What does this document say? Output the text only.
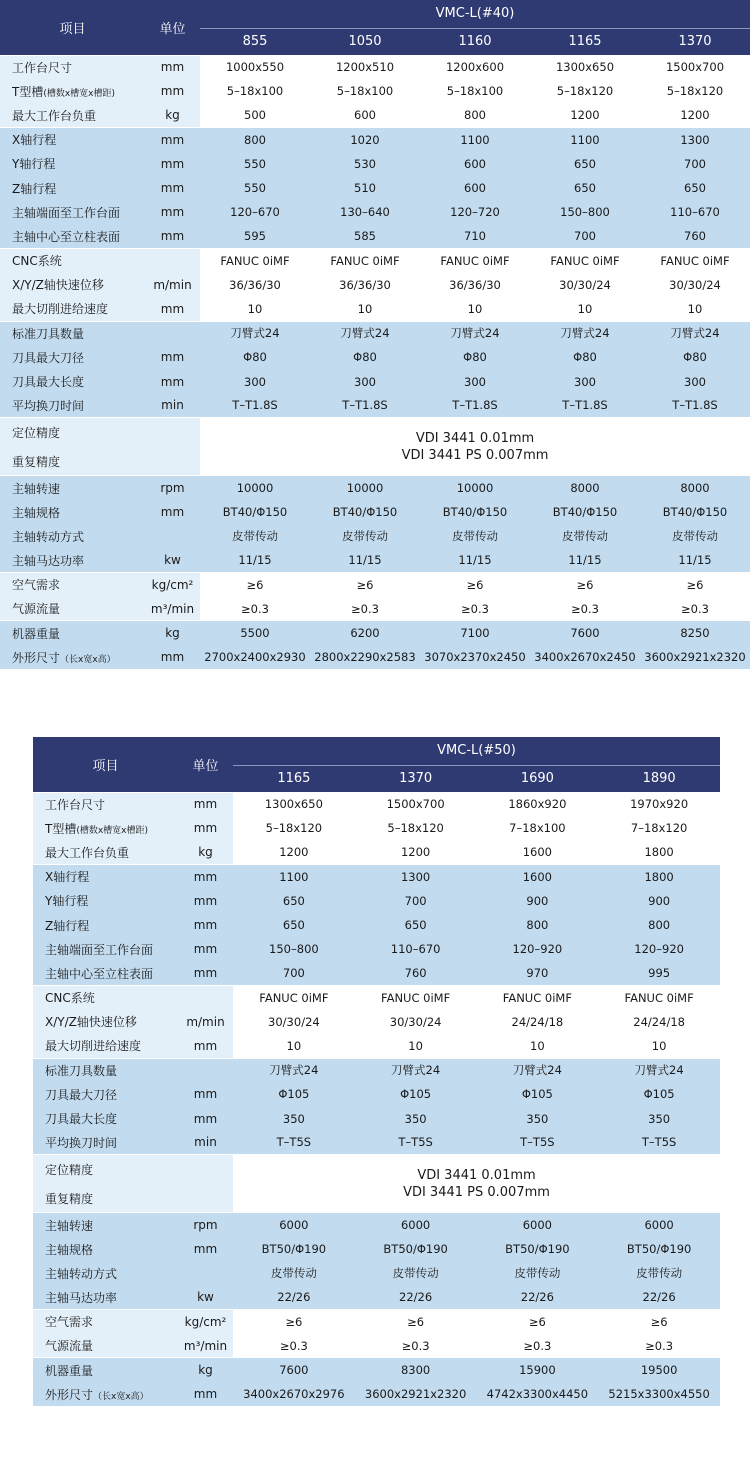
项目	单位	VMC-L(#40)				
		855	1050	1160	1165	1370
工作台尺寸	mm	1000x550	1200x510	1200x600	1300x650	1500x700
T型槽(槽数x槽宽x槽距)	mm	5–18x100	5–18x100	5–18x100	5–18x120	5–18x120
最大工作台负重	kg	500	600	800	1200	1200
X轴行程	mm	800	1020	1100	1100	1300
Y轴行程	mm	550	530	600	650	700
Z轴行程	mm	550	510	600	650	650
主轴端面至工作台面	mm	120–670	130–640	120–720	150–800	110–670
主轴中心至立柱表面	mm	595	585	710	700	760
CNC系统		FANUC 0iMF	FANUC 0iMF	FANUC 0iMF	FANUC 0iMF	FANUC 0iMF
X/Y/Z轴快速位移	m/min	36/36/30	36/36/30	36/36/30	30/30/24	30/30/24
最大切削进给速度	mm	10	10	10	10	10
标准刀具数量		刀臂式24	刀臂式24	刀臂式24	刀臂式24	刀臂式24
刀具最大刀径	mm	Φ80	Φ80	Φ80	Φ80	Φ80
刀具最大长度	mm	300	300	300	300	300
平均换刀时间	min	T–T1.8S	T–T1.8S	T–T1.8S	T–T1.8S	T–T1.8S
定位精度		VDI 3441 0.01mm
VDI 3441 PS 0.007mm				

重复精度						
主轴转速	rpm	10000	10000	10000	8000	8000
主轴规格	mm	BT40/Φ150	BT40/Φ150	BT40/Φ150	BT40/Φ150	BT40/Φ150
主轴转动方式		皮带传动	皮带传动	皮带传动	皮带传动	皮带传动
主轴马达功率	kw	11/15	11/15	11/15	11/15	11/15
空气需求	kg/cm²	≥6	≥6	≥6	≥6	≥6
气源流量	m³/min	≥0.3	≥0.3	≥0.3	≥0.3	≥0.3
机器重量	kg	5500	6200	7100	7600	8250
外形尺寸（长x宽x高）	mm	2700x2400x2930	2800x2290x2583	3070x2370x2450	3400x2670x2450	3600x2921x2320
项目	单位	VMC-L(#50)			
		1165	1370	1690	1890
工作台尺寸	mm	1300x650	1500x700	1860x920	1970x920
T型槽(槽数x槽宽x槽距)	mm	5–18x120	5–18x120	7–18x100	7–18x120
最大工作台负重	kg	1200	1200	1600	1800
X轴行程	mm	1100	1300	1600	1800
Y轴行程	mm	650	700	900	900
Z轴行程	mm	650	650	800	800
主轴端面至工作台面	mm	150–800	110–670	120–920	120–920
主轴中心至立柱表面	mm	700	760	970	995
CNC系统		FANUC 0iMF	FANUC 0iMF	FANUC 0iMF	FANUC 0iMF
X/Y/Z轴快速位移	m/min	30/30/24	30/30/24	24/24/18	24/24/18
最大切削进给速度	mm	10	10	10	10
标准刀具数量		刀臂式24	刀臂式24	刀臂式24	刀臂式24
刀具最大刀径	mm	Φ105	Φ105	Φ105	Φ105
刀具最大长度	mm	350	350	350	350
平均换刀时间	min	T–T5S	T–T5S	T–T5S	T–T5S
定位精度		VDI 3441 0.01mm
VDI 3441 PS 0.007mm			

重复精度					
主轴转速	rpm	6000	6000	6000	6000
主轴规格	mm	BT50/Φ190	BT50/Φ190	BT50/Φ190	BT50/Φ190
主轴转动方式		皮带传动	皮带传动	皮带传动	皮带传动
主轴马达功率	kw	22/26	22/26	22/26	22/26
空气需求	kg/cm²	≥6	≥6	≥6	≥6
气源流量	m³/min	≥0.3	≥0.3	≥0.3	≥0.3
机器重量	kg	7600	8300	15900	19500
外形尺寸（长x宽x高）	mm	3400x2670x2976	3600x2921x2320	4742x3300x4450	5215x3300x4550
